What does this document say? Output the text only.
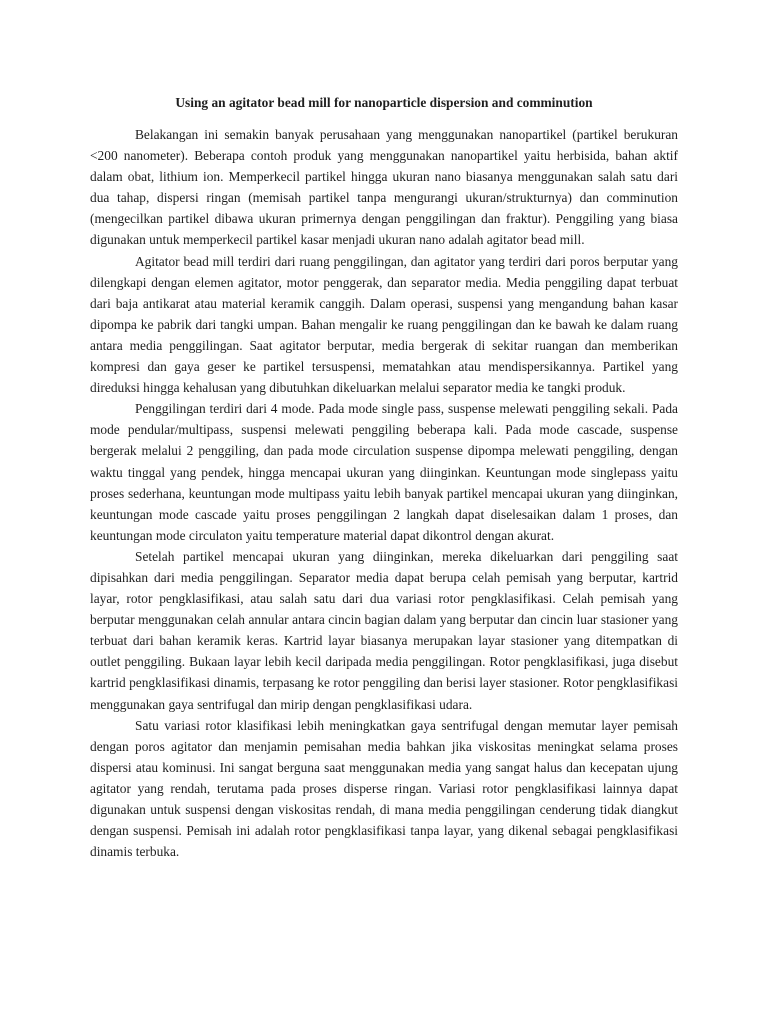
Using an agitator bead mill for nanoparticle dispersion and comminution

Belakangan ini semakin banyak perusahaan yang menggunakan nanopartikel (partikel berukuran <200 nanometer). Beberapa contoh produk yang menggunakan nanopartikel yaitu herbisida, bahan aktif dalam obat, lithium ion. Memperkecil partikel hingga ukuran nano biasanya menggunakan salah satu dari dua tahap, dispersi ringan (memisah partikel tanpa mengurangi ukuran/strukturnya) dan comminution (mengecilkan partikel dibawa ukuran primernya dengan penggilingan dan fraktur). Penggiling yang biasa digunakan untuk memperkecil partikel kasar menjadi ukuran nano adalah agitator bead mill.

Agitator bead mill terdiri dari ruang penggilingan, dan agitator yang terdiri dari poros berputar yang dilengkapi dengan elemen agitator, motor penggerak, dan separator media. Media penggiling dapat terbuat dari baja antikarat atau material keramik canggih. Dalam operasi, suspensi yang mengandung bahan kasar dipompa ke pabrik dari tangki umpan. Bahan mengalir ke ruang penggilingan dan ke bawah ke dalam ruang antara media penggilingan. Saat agitator berputar, media bergerak di sekitar ruangan dan memberikan kompresi dan gaya geser ke partikel tersuspensi, mematahkan atau mendispersikannya. Partikel yang direduksi hingga kehalusan yang dibutuhkan dikeluarkan melalui separator media ke tangki produk.

Penggilingan terdiri dari 4 mode. Pada mode single pass, suspense melewati penggiling sekali. Pada mode pendular/multipass, suspensi melewati penggiling beberapa kali. Pada mode cascade, suspense bergerak melalui 2 penggiling, dan pada mode circulation suspense dipompa melewati penggiling, dengan waktu tinggal yang pendek, hingga mencapai ukuran yang diinginkan. Keuntungan mode singlepass yaitu proses sederhana, keuntungan mode multipass yaitu lebih banyak partikel mencapai ukuran yang diinginkan, keuntungan mode cascade yaitu proses penggilingan 2 langkah dapat diselesaikan dalam 1 proses, dan keuntungan mode circulaton yaitu temperature material dapat dikontrol dengan akurat.

Setelah partikel mencapai ukuran yang diinginkan, mereka dikeluarkan dari penggiling saat dipisahkan dari media penggilingan. Separator media dapat berupa celah pemisah yang berputar, kartrid layar, rotor pengklasifikasi, atau salah satu dari dua variasi rotor pengklasifikasi. Celah pemisah yang berputar menggunakan celah annular antara cincin bagian dalam yang berputar dan cincin luar stasioner yang terbuat dari bahan keramik keras. Kartrid layar biasanya merupakan layar stasioner yang ditempatkan di outlet penggiling. Bukaan layar lebih kecil daripada media penggilingan. Rotor pengklasifikasi, juga disebut kartrid pengklasifikasi dinamis, terpasang ke rotor penggiling dan berisi layer stasioner. Rotor pengklasifikasi menggunakan gaya sentrifugal dan mirip dengan pengklasifikasi udara.

Satu variasi rotor klasifikasi lebih meningkatkan gaya sentrifugal dengan memutar layer pemisah dengan poros agitator dan menjamin pemisahan media bahkan jika viskositas meningkat selama proses dispersi atau kominusi. Ini sangat berguna saat menggunakan media yang sangat halus dan kecepatan ujung agitator yang rendah, terutama pada proses disperse ringan. Variasi rotor pengklasifikasi lainnya dapat digunakan untuk suspensi dengan viskositas rendah, di mana media penggilingan cenderung tidak diangkut dengan suspensi. Pemisah ini adalah rotor pengklasifikasi tanpa layar, yang dikenal sebagai pengklasifikasi dinamis terbuka.
